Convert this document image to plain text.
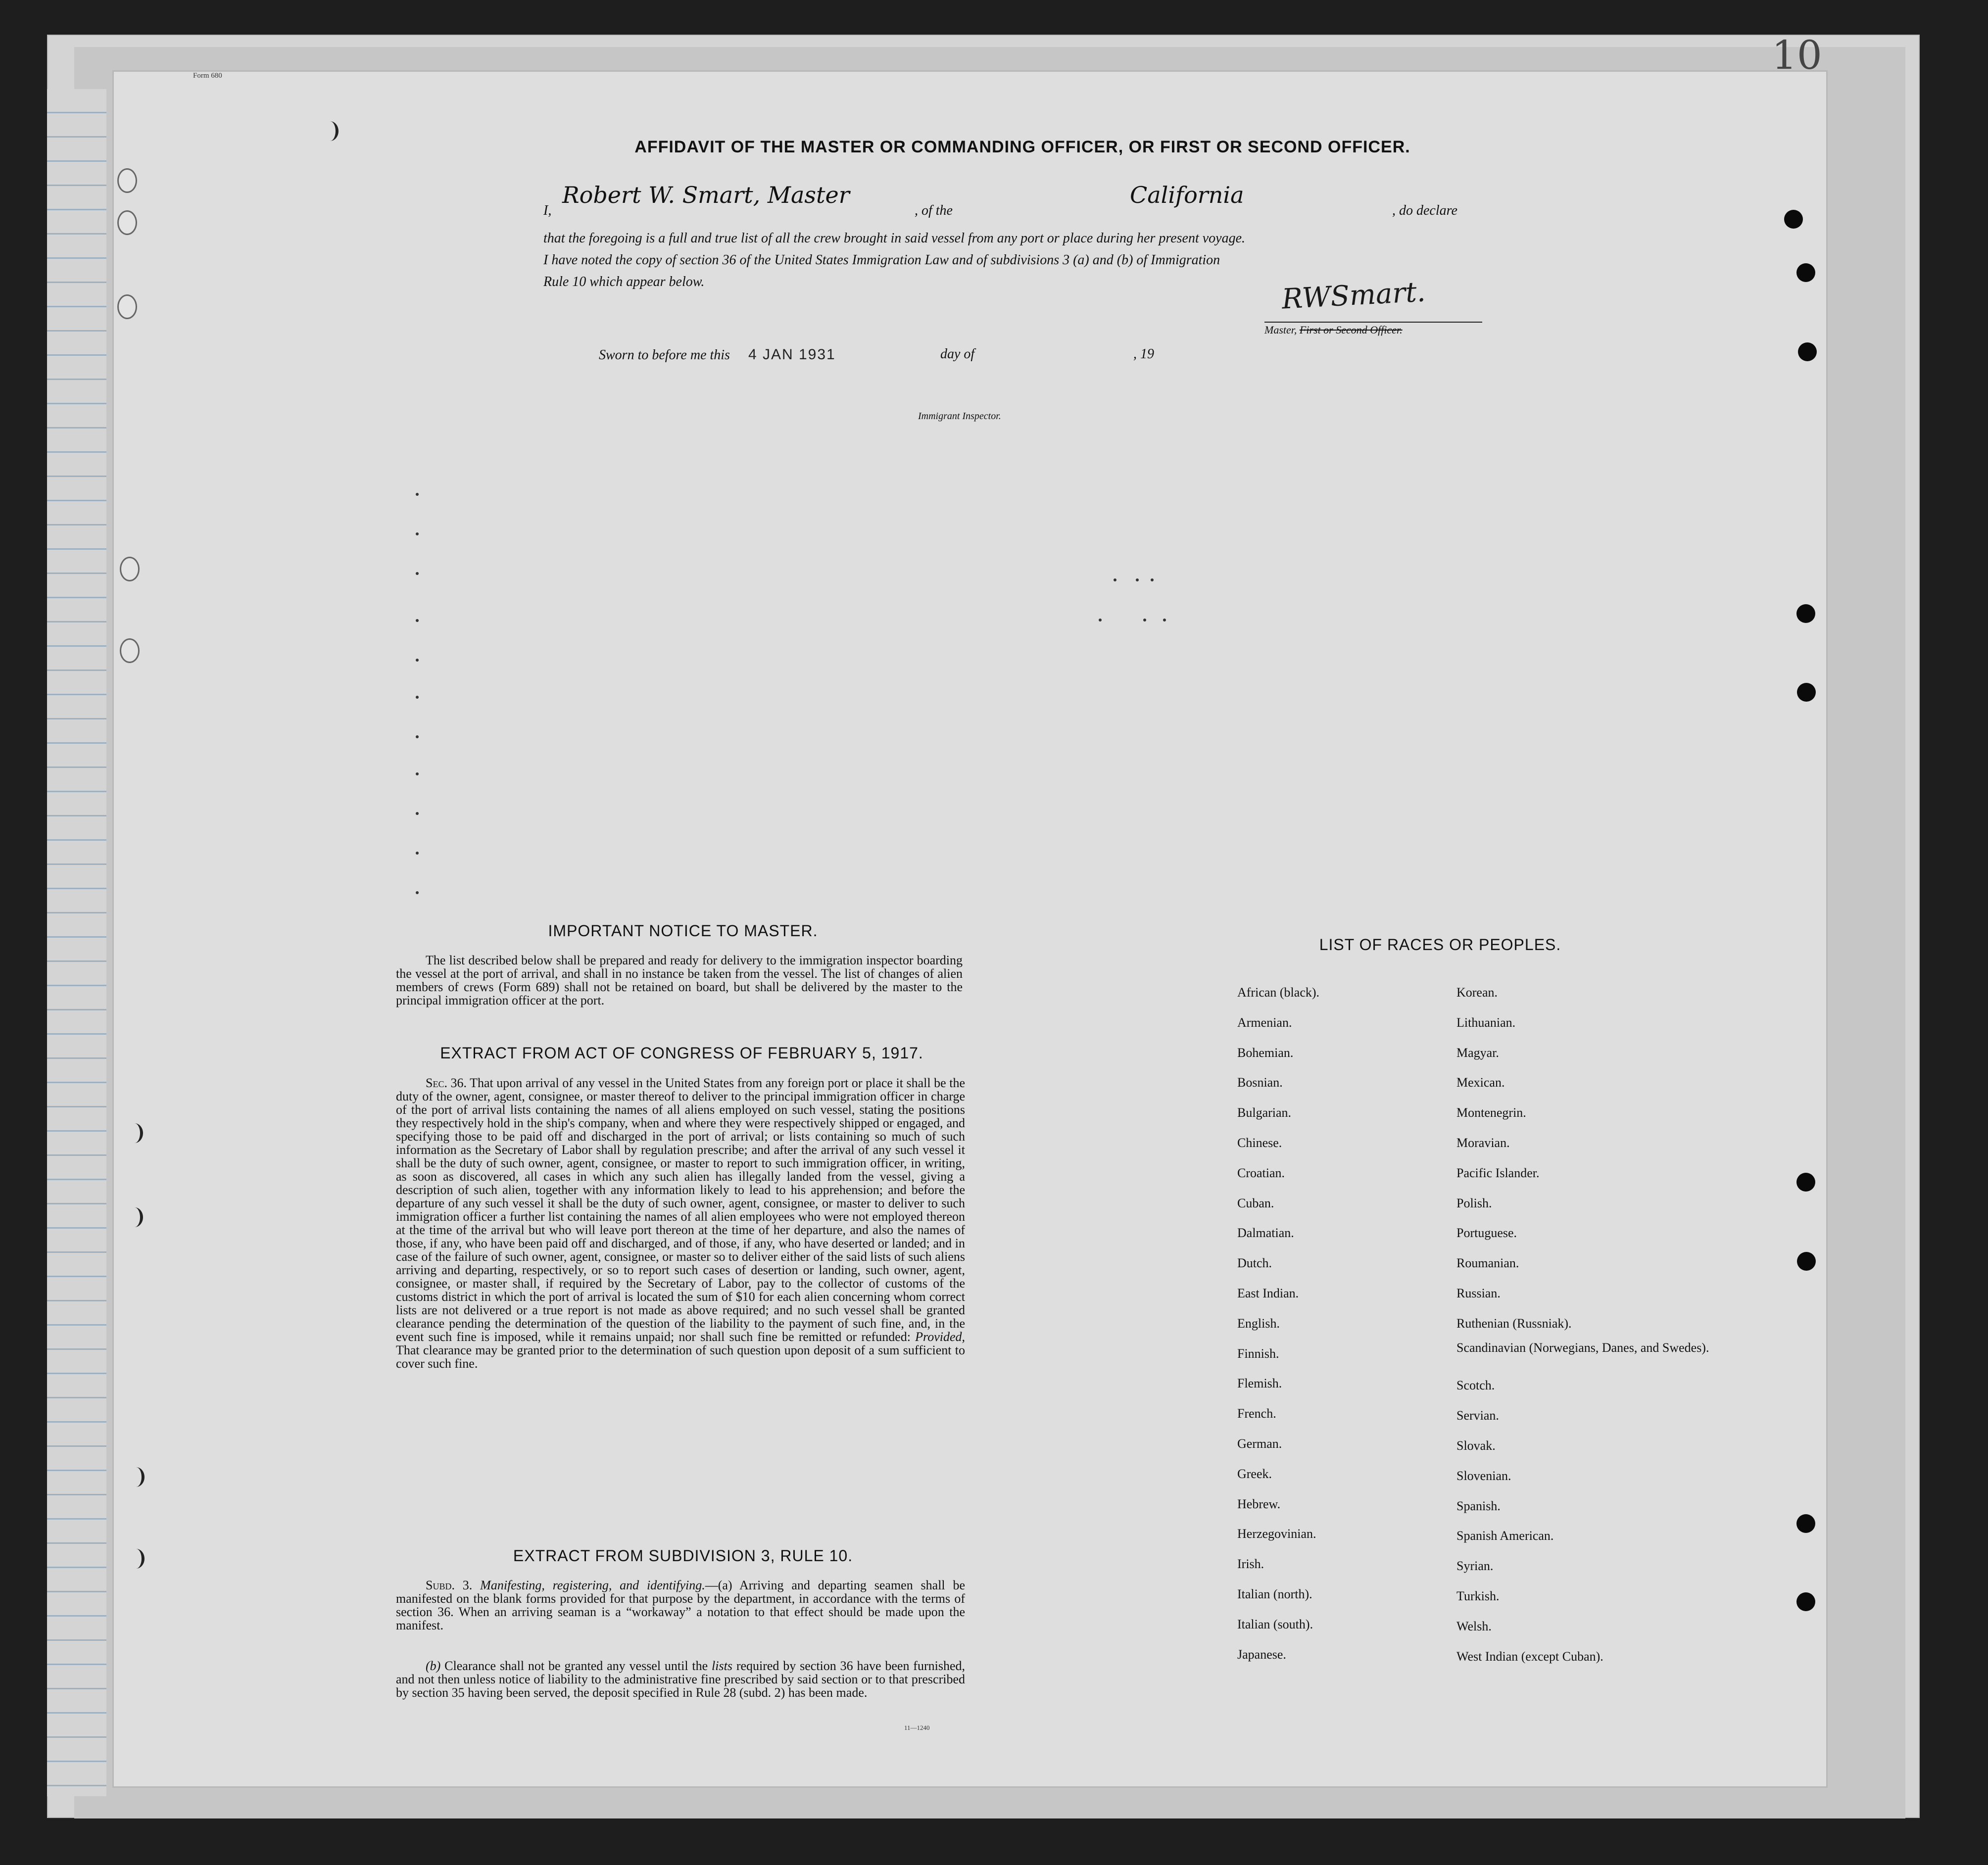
Form 680	10
AFFIDAVIT OF THE MASTER OR COMMANDING OFFICER, OR FIRST OR SECOND OFFICER.
I,
Robert W. Smart, Master
, of the
California
, do declare

that the foregoing is a full and true list of all the crew brought in said vessel from any port or place during her present voyage.

I have noted the copy of section 36 of the United States Immigration Law and of subdivisions 3 (a) and (b) of Immigration

Rule 10 which appear below.	RWSmart.
Master, First or Second Officer.
Sworn to before me this 4 JAN 1931	day of	, 19
Immigrant Inspector.
IMPORTANT NOTICE TO MASTER.

The list described below shall be prepared and ready for delivery to the immigration inspector boarding the vessel at the port of arrival, and shall in no instance be taken from the vessel. The list of changes of alien members of crews (Form 689) shall not be retained on board, but shall be delivered by the master to the principal immigration officer at the port.

EXTRACT FROM ACT OF CONGRESS OF FEBRUARY 5, 1917.

Sec. 36. That upon arrival of any vessel in the United States from any foreign port or place it shall be the duty of the owner, agent, consignee, or master thereof to deliver to the principal immigration officer in charge of the port of arrival lists containing the names of all aliens employed on such vessel, stating the positions they respectively hold in the ship's company, when and where they were respectively shipped or engaged, and specifying those to be paid off and discharged in the port of arrival; or lists containing so much of such information as the Secretary of Labor shall by regulation prescribe; and after the arrival of any such vessel it shall be the duty of such owner, agent, consignee, or master to report to such immigration officer, in writing, as soon as discovered, all cases in which any such alien has illegally landed from the vessel, giving a description of such alien, together with any information likely to lead to his apprehension; and before the departure of any such vessel it shall be the duty of such owner, agent, consignee, or master to deliver to such immigration officer a further list containing the names of all alien employees who were not employed thereon at the time of the arrival but who will leave port thereon at the time of her departure, and also the names of those, if any, who have been paid off and discharged, and of those, if any, who have deserted or landed; and in case of the failure of such owner, agent, consignee, or master so to deliver either of the said lists of such aliens arriving and departing, respectively, or so to report such cases of desertion or landing, such owner, agent, consignee, or master shall, if required by the Secretary of Labor, pay to the collector of customs of the customs district in which the port of arrival is located the sum of $10 for each alien concerning whom correct lists are not delivered or a true report is not made as above required; and no such vessel shall be granted clearance pending the determination of the question of the liability to the payment of such fine, and, in the event such fine is imposed, while it remains unpaid; nor shall such fine be remitted or refunded: Provided, That clearance may be granted prior to the determination of such question upon deposit of a sum sufficient to cover such fine.

EXTRACT FROM SUBDIVISION 3, RULE 10.

Subd. 3. Manifesting, registering, and identifying.—(a) Arriving and departing seamen shall be manifested on the blank forms provided for that purpose by the department, in accordance with the terms of section 36. When an arriving seaman is a “workaway” a notation to that effect should be made upon the manifest.

(b) Clearance shall not be granted any vessel until the lists required by section 36 have been furnished, and not then unless notice of liability to the administrative fine prescribed by said section or to that prescribed by section 35 having been served, the deposit specified in Rule 28 (subd. 2) has been made.

11—1240
LIST OF RACES OR PEOPLES.
African (black).
Armenian.
Bohemian.
Bosnian.
Bulgarian.
Chinese.
Croatian.
Cuban.
Dalmatian.
Dutch.
East Indian.
English.
Finnish.
Flemish.
French.
German.
Greek.
Hebrew.
Herzegovinian.
Irish.
Italian (north).
Italian (south).
Japanese.
Korean.
Lithuanian.
Magyar.
Mexican.
Montenegrin.
Moravian.
Pacific Islander.
Polish.
Portuguese.
Roumanian.
Russian.
Ruthenian (Russniak).
Scandinavian (Norwegians, Danes, and Swedes).
Scotch.
Servian.
Slovak.
Slovenian.
Spanish.
Spanish American.
Syrian.
Turkish.
Welsh.
West Indian (except Cuban).
